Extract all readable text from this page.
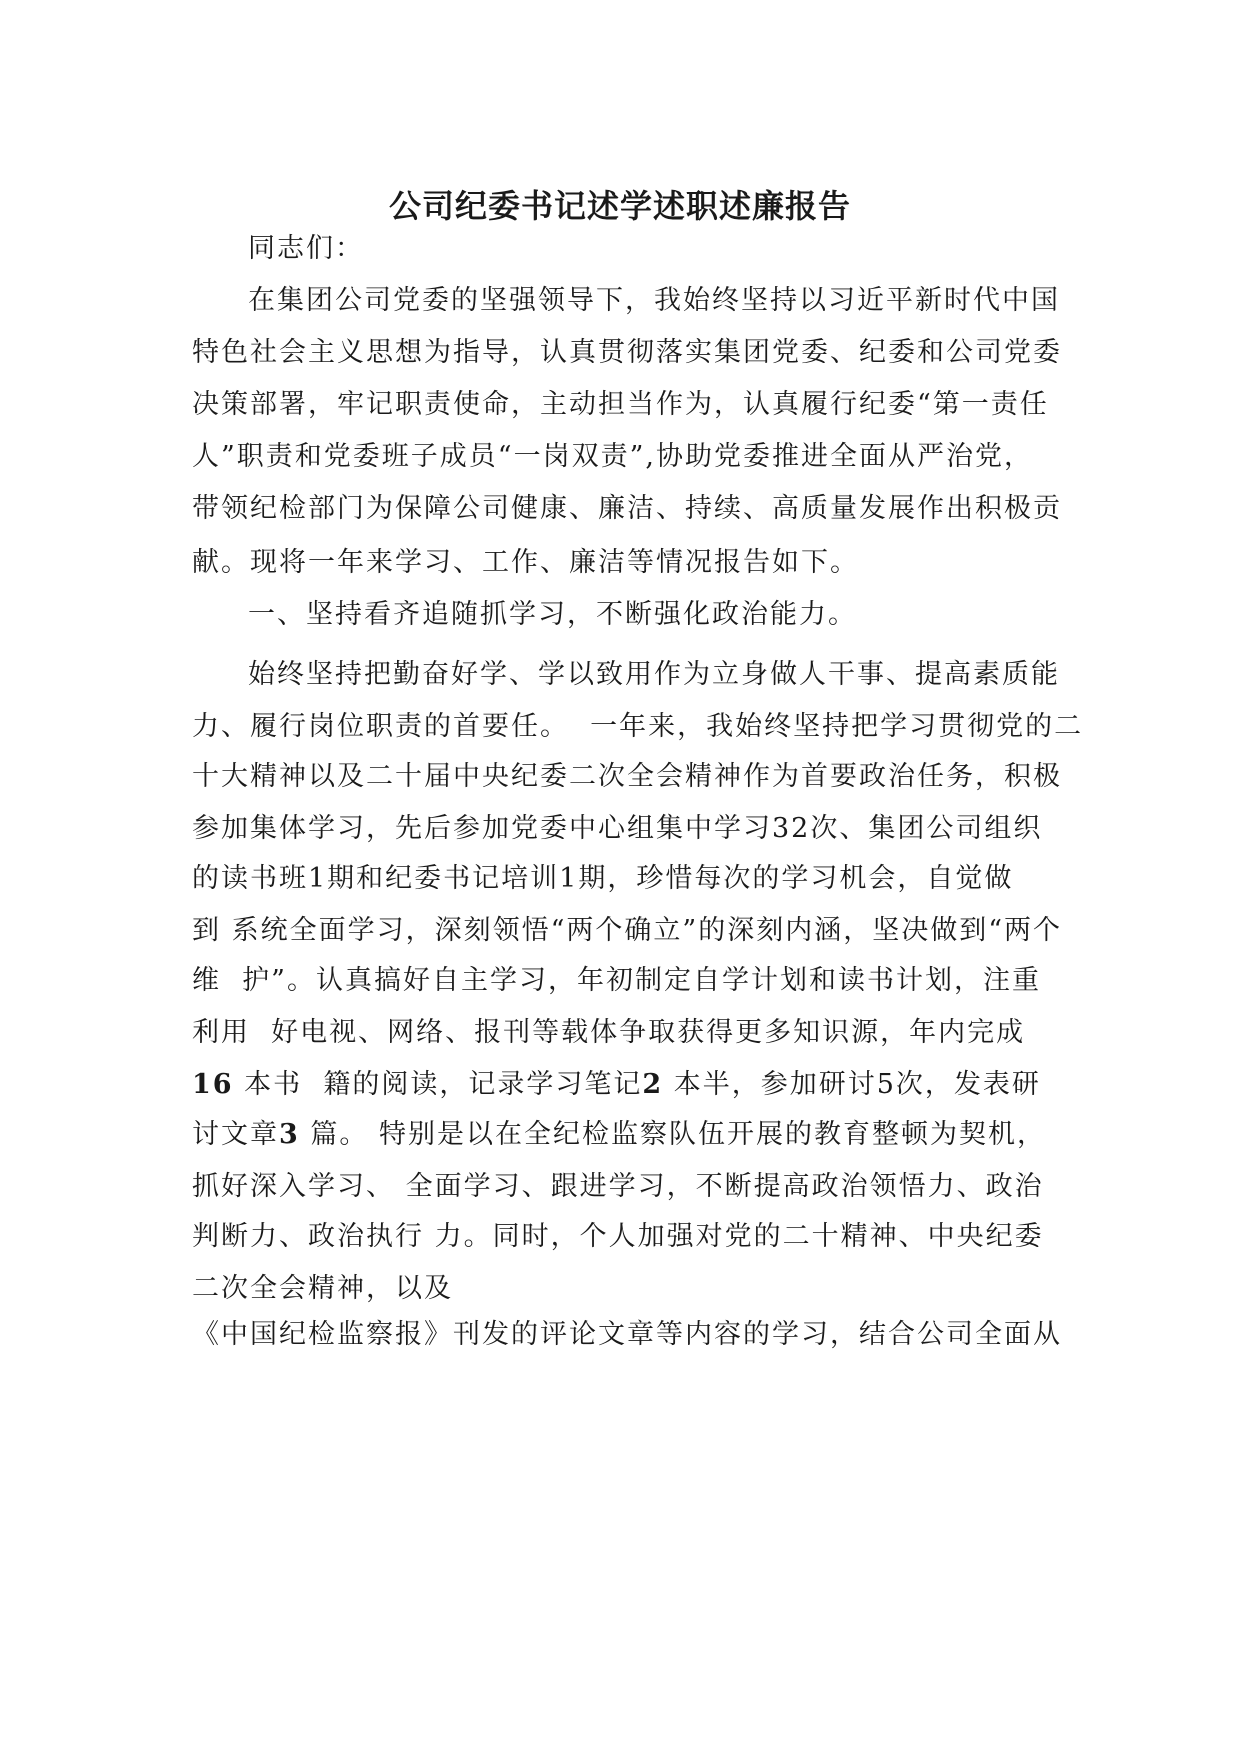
公司纪委书记述学述职述廉报告
同志们：
在集团公司党委的坚强领导下，我始终坚持以习近平新时代中国
特色社会主义思想为指导，认真贯彻落实集团党委、纪委和公司党委
决策部署，牢记职责使命，主动担当作为，认真履行纪委“第一责任
人”职责和党委班子成员“一岗双责”,协助党委推进全面从严治党，
带领纪检部门为保障公司健康、廉洁、持续、高质量发展作出积极贡
献。现将一年来学习、工作、廉洁等情况报告如下。
一、坚持看齐追随抓学习，不断强化政治能力。
始终坚持把勤奋好学、学以致用作为立身做人干事、提高素质能
力、履行岗位职责的首要任。  一年来，我始终坚持把学习贯彻党的二
十大精神以及二十届中央纪委二次全会精神作为首要政治任务，积极
参加集体学习，先后参加党委中心组集中学习32次、集团公司组织
的读书班1期和纪委书记培训1期，珍惜每次的学习机会，自觉做
到 系统全面学习，深刻领悟“两个确立”的深刻内涵，坚决做到“两个
维  护”。认真搞好自主学习，年初制定自学计划和读书计划，注重
利用  好电视、网络、报刊等载体争取获得更多知识源，年内完成
16 本书  籍的阅读，记录学习笔记2 本半，参加研讨5次，发表研
讨文章3 篇。 特别是以在全纪检监察队伍开展的教育整顿为契机，
抓好深入学习、 全面学习、跟进学习，不断提高政治领悟力、政治
判断力、政治执行 力。同时，个人加强对党的二十精神、中央纪委
二次全会精神，以及
《中国纪检监察报》刊发的评论文章等内容的学习，结合公司全面从
